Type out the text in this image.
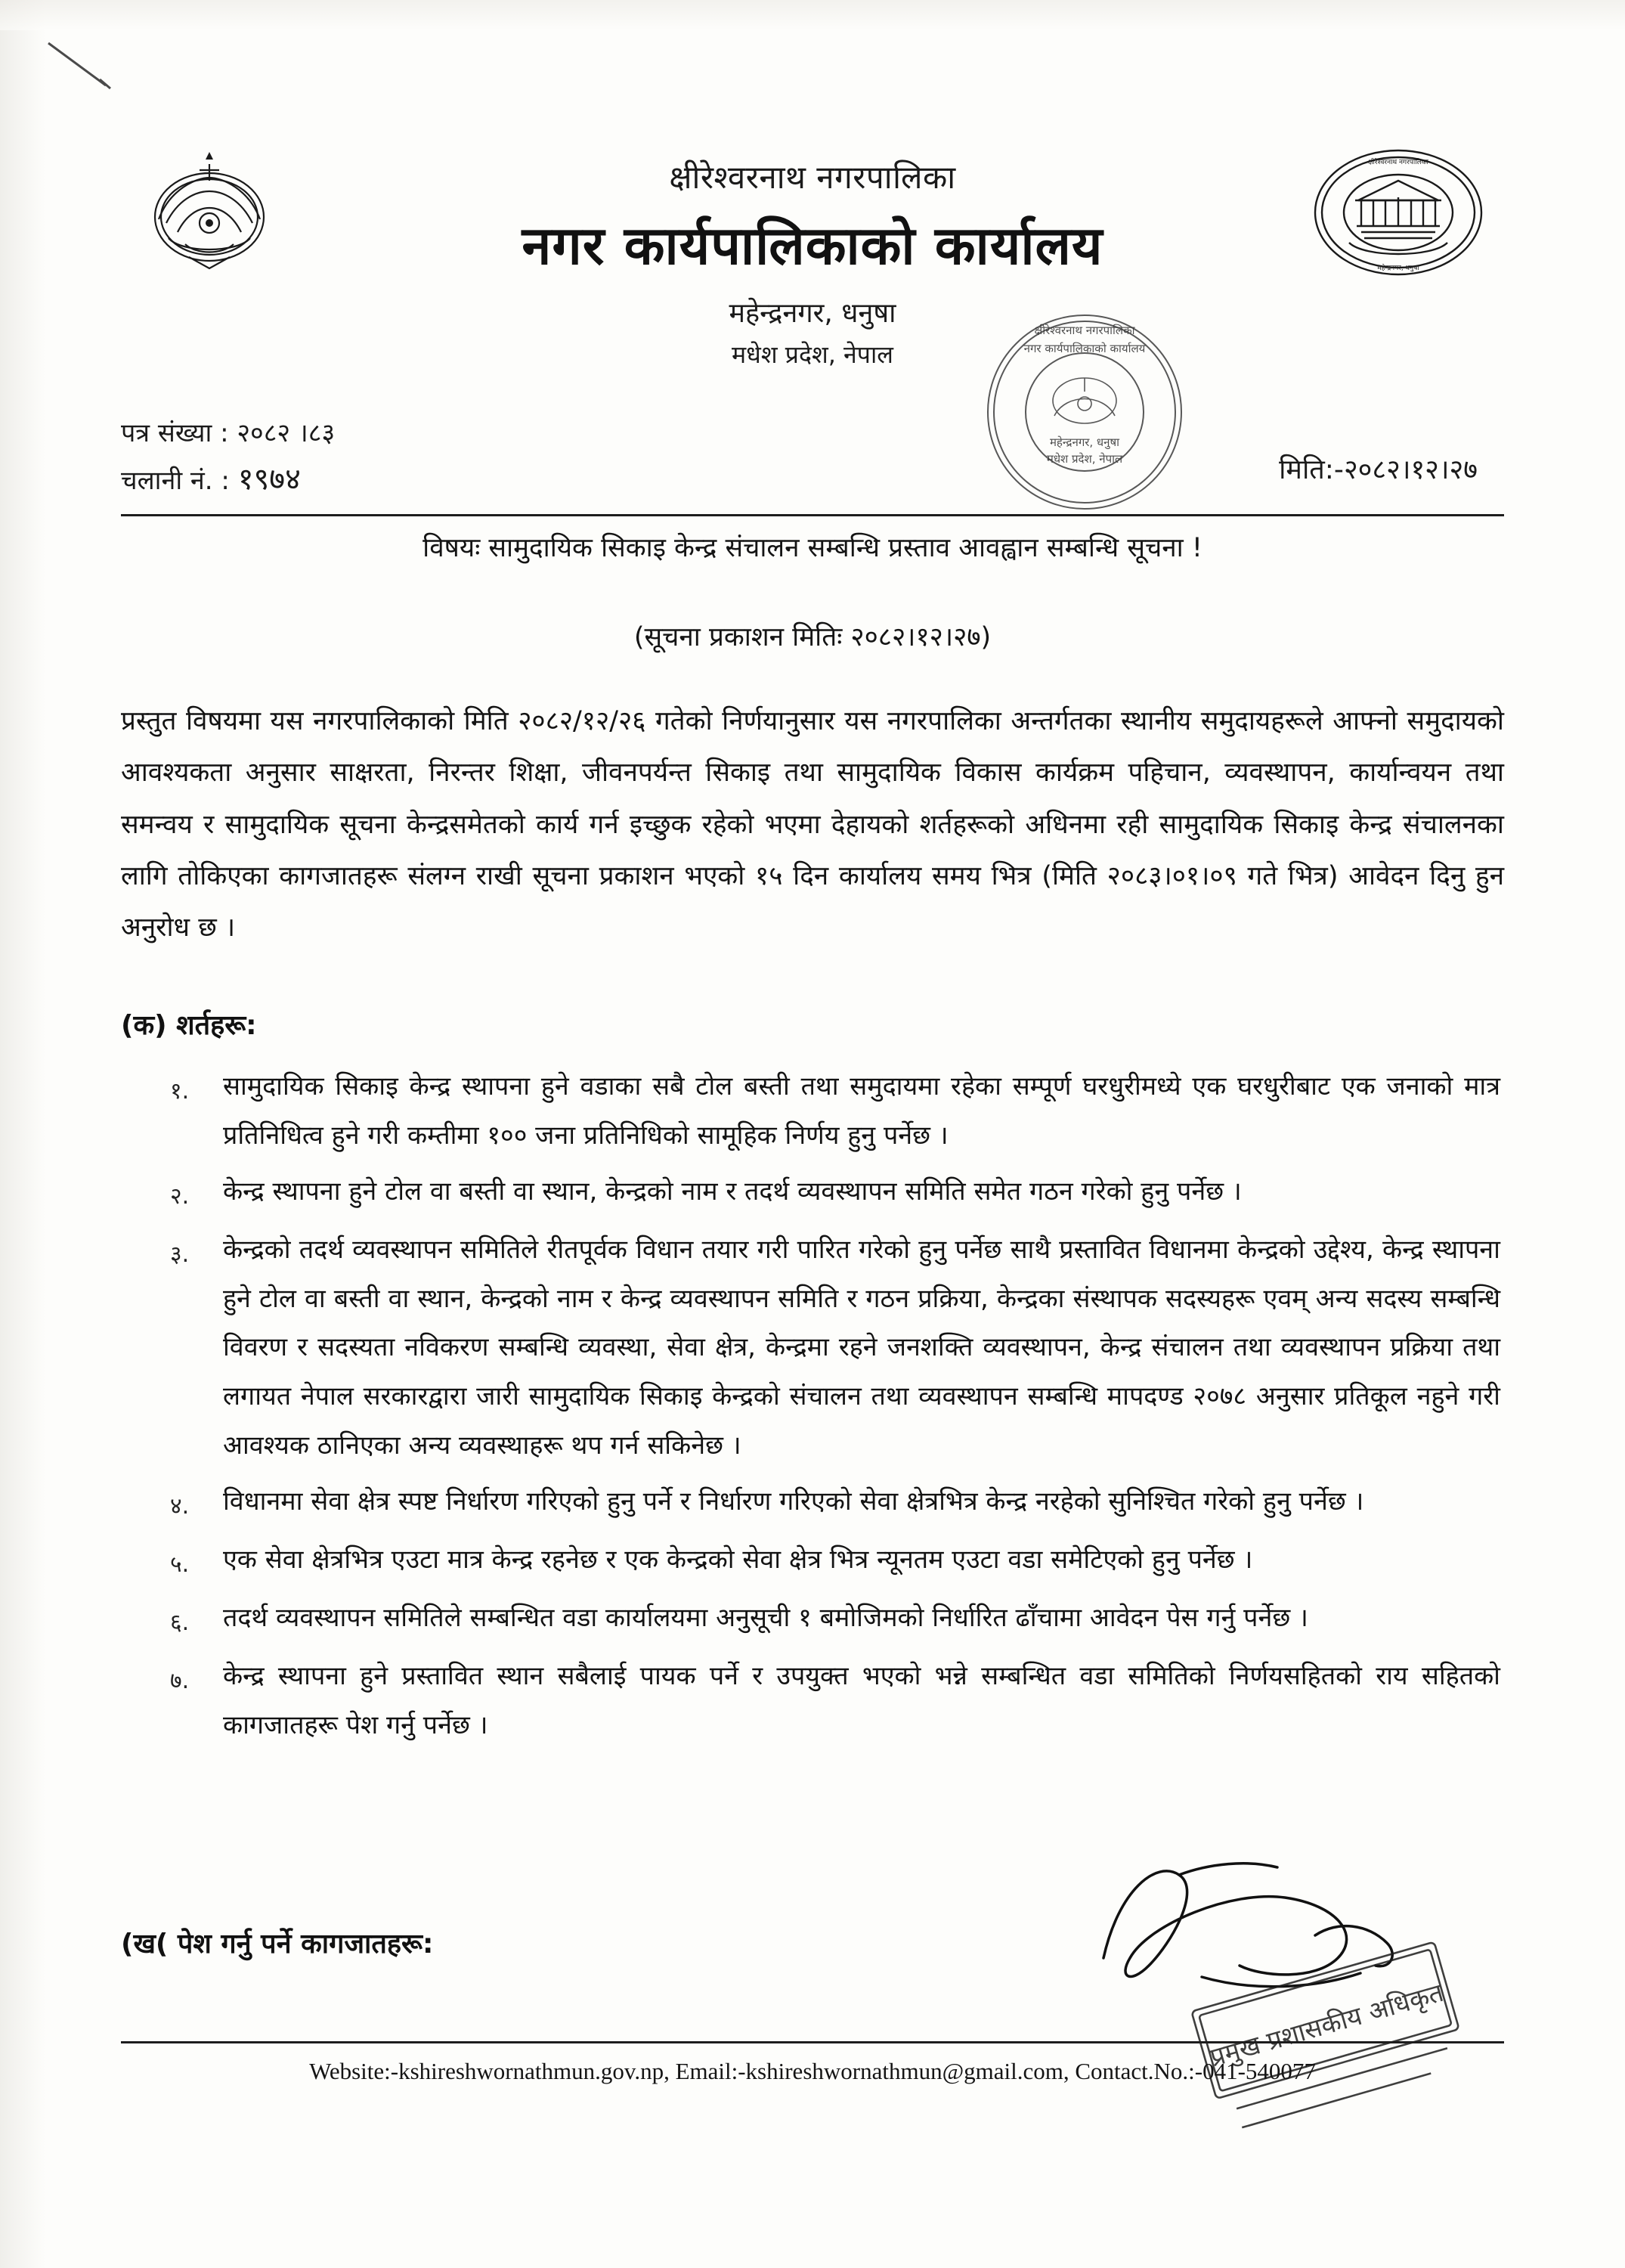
क्षीरेश्वरनाथ नगरपालिका
महेन्द्रनगर, धनुषा
क्षीरेश्वरनाथ नगरपालिका
नगर कार्यपालिकाको कार्यालय
महेन्द्रनगर, धनुषा
मधेश प्रदेश, नेपाल
महेन्द्रनगर, धनुषा
मधेश प्रदेश, नेपाल
क्षीरेश्वरनाथ नगरपालिका
नगर कार्यपालिकाको कार्यालय
पत्र संख्या : २०८२ ।८३
चलानी नं. : १९७४	मिति:-२०८२।१२।२७
विषयः सामुदायिक सिकाइ केन्द्र संचालन सम्बन्धि प्रस्ताव आवह्वान सम्बन्धि सूचना !
(सूचना प्रकाशन मितिः २०८२।१२।२७)
प्रस्तुत विषयमा यस नगरपालिकाको मिति २०८२/१२/२६ गतेको निर्णयानुसार यस नगरपालिका अन्तर्गतका स्थानीय समुदायहरूले आफ्नो समुदायको आवश्यकता अनुसार साक्षरता, निरन्तर शिक्षा, जीवनपर्यन्त सिकाइ तथा सामुदायिक विकास कार्यक्रम पहिचान, व्यवस्थापन, कार्यान्वयन तथा समन्वय र सामुदायिक सूचना केन्द्रसमेतको कार्य गर्न इच्छुक रहेको भएमा देहायको शर्तहरूको अधिनमा रही सामुदायिक सिकाइ केन्द्र संचालनका लागि तोकिएका कागजातहरू संलग्न राखी सूचना प्रकाशन भएको १५ दिन कार्यालय समय भित्र (मिति २०८३।०१।०९ गते भित्र) आवेदन दिनु हुन अनुरोध छ ।
(क) शर्तहरू:
१.	सामुदायिक सिकाइ केन्द्र स्थापना हुने वडाका सबै टोल बस्ती तथा समुदायमा रहेका सम्पूर्ण घरधुरीमध्ये एक घरधुरीबाट एक जनाको मात्र प्रतिनिधित्व हुने गरी कम्तीमा १०० जना प्रतिनिधिको सामूहिक निर्णय हुनु पर्नेछ ।
२.	केन्द्र स्थापना हुने टोल वा बस्ती वा स्थान, केन्द्रको नाम र तदर्थ व्यवस्थापन समिति समेत गठन गरेको हुनु पर्नेछ ।
३.	केन्द्रको तदर्थ व्यवस्थापन समितिले रीतपूर्वक विधान तयार गरी पारित गरेको हुनु पर्नेछ साथै प्रस्तावित विधानमा केन्द्रको उद्देश्य, केन्द्र स्थापना हुने टोल वा बस्ती वा स्थान, केन्द्रको नाम र केन्द्र व्यवस्थापन समिति र गठन प्रक्रिया, केन्द्रका संस्थापक सदस्यहरू एवम् अन्य सदस्य सम्बन्धि विवरण र सदस्यता नविकरण सम्बन्धि व्यवस्था, सेवा क्षेत्र, केन्द्रमा रहने जनशक्ति व्यवस्थापन, केन्द्र संचालन तथा व्यवस्थापन प्रक्रिया तथा लगायत नेपाल सरकारद्वारा जारी सामुदायिक सिकाइ केन्द्रको संचालन तथा व्यवस्थापन सम्बन्धि मापदण्ड २०७८ अनुसार प्रतिकूल नहुने गरी आवश्यक ठानिएका अन्य व्यवस्थाहरू थप गर्न सकिनेछ ।
४.	विधानमा सेवा क्षेत्र स्पष्ट निर्धारण गरिएको हुनु पर्ने र निर्धारण गरिएको सेवा क्षेत्रभित्र केन्द्र नरहेको सुनिश्चित गरेको हुनु पर्नेछ ।
५.	एक सेवा क्षेत्रभित्र एउटा मात्र केन्द्र रहनेछ र एक केन्द्रको सेवा क्षेत्र भित्र न्यूनतम एउटा वडा समेटिएको हुनु पर्नेछ ।
६.	तदर्थ व्यवस्थापन समितिले सम्बन्धित वडा कार्यालयमा अनुसूची १ बमोजिमको निर्धारित ढाँचामा आवेदन पेस गर्नु पर्नेछ ।
७.	केन्द्र स्थापना हुने प्रस्तावित स्थान सबैलाई पायक पर्ने र उपयुक्त भएको भन्ने सम्बन्धित वडा समितिको निर्णयसहितको राय सहितको कागजातहरू पेश गर्नु पर्नेछ ।
(ख( पेश गर्नु पर्ने कागजातहरू:
प्रमुख प्रशासकीय अधिकृत
Website:-kshireshwornathmun.gov.np, Email:-kshireshwornathmun@gmail.com, Contact.No.:-041-540077
